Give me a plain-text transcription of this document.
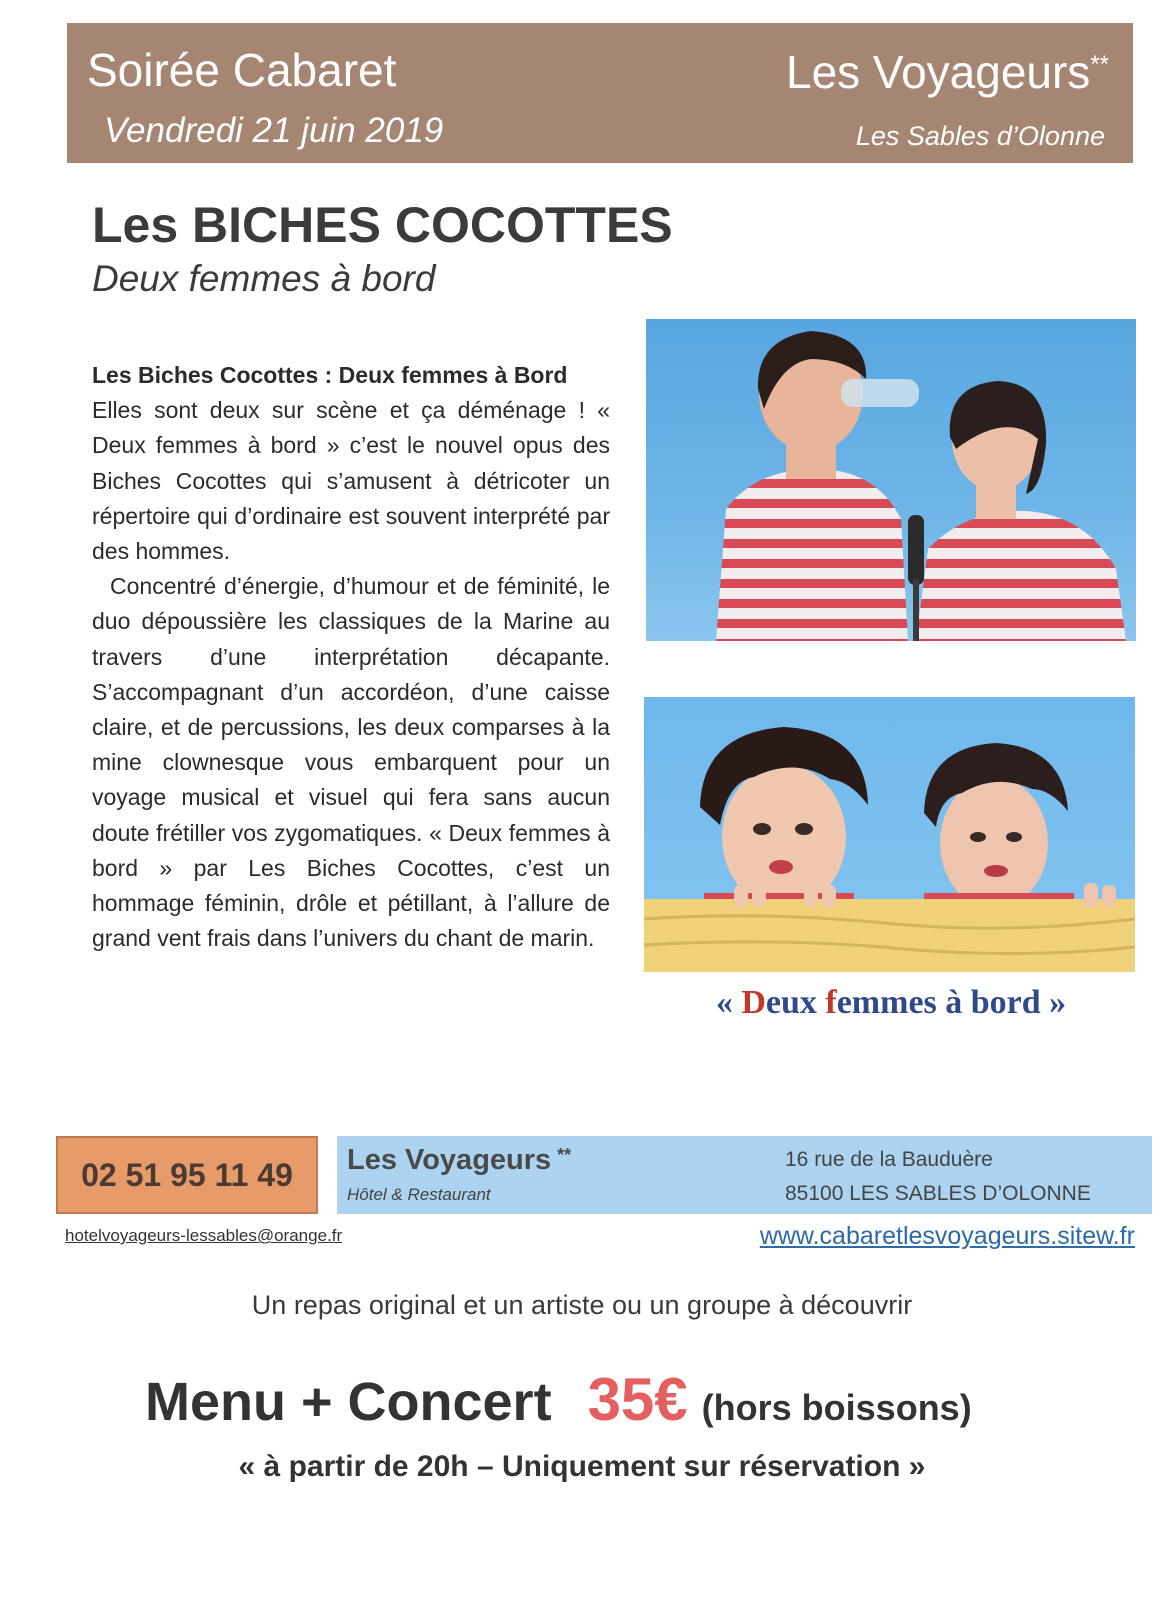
Soirée Cabaret
Vendredi 21 juin 2019
Les Voyageurs**
Les Sables d’Olonne
Les BICHES COCOTTES
Deux femmes à bord
Les Biches Cocottes : Deux femmes à Bord

Elles sont deux sur scène et ça déménage ! « Deux femmes à bord » c’est le nouvel opus des Biches Cocottes qui s’amusent à détricoter un répertoire qui d’ordinaire est souvent interprété par des hommes.

Concentré d’énergie, d’humour et de féminité, le duo dépoussière les classiques de la Marine au travers d’une interprétation décapante. S’accompagnant d’un accordéon, d’une caisse claire, et de percussions, les deux comparses à la mine clownesque vous embarquent pour un voyage musical et visuel qui fera sans aucun doute frétiller vos zygomatiques. « Deux femmes à bord » par Les Biches Cocottes, c’est un hommage féminin, drôle et pétillant, à l’allure de grand vent frais dans l’univers du chant de marin.

« Deux femmes à bord »
02 51 95 11 49	Les Voyageurs **
Hôtel & Restaurant
16 rue de la Bauduère
85100 LES SABLES D’OLONNE
hotelvoyageurs-lessables@orange.fr	www.cabaretlesvoyageurs.sitew.fr
Un repas original et un artiste ou un groupe à découvrir
Menu + Concert 35€ (hors boissons)
« à partir de 20h – Uniquement sur réservation »
